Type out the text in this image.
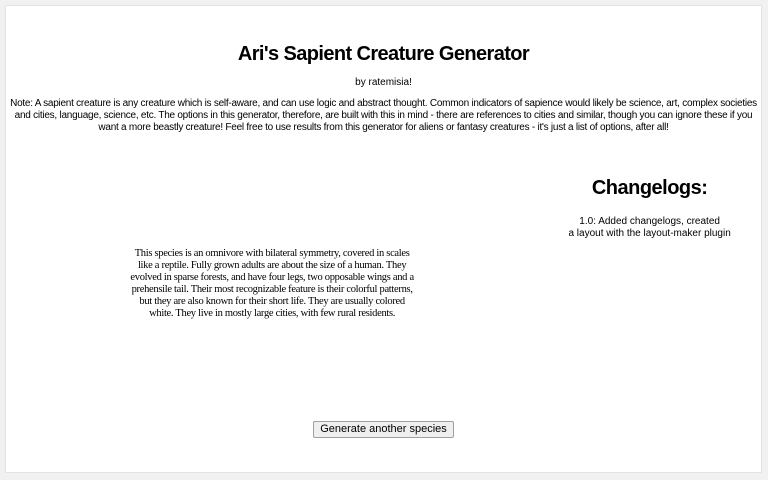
Ari's Sapient Creature Generator
by ratemisia!

Note: A sapient creature is any creature which is self-aware, and can use logic and abstract thought. Common indicators of sapience would likely be science, art, complex societies and cities, language, science, etc. The options in this generator, therefore, are built with this in mind - there are references to cities and similar, though you can ignore these if you want a more beastly creature! Feel free to use results from this generator for aliens or fantasy creatures - it's just a list of options, after all!

This species is an omnivore with bilateral symmetry, covered in scales like a reptile. Fully grown adults are about the size of a human. They evolved in sparse forests, and have four legs, two opposable wings and a prehensile tail. Their most recognizable feature is their colorful patterns, but they are also known for their short life. They are usually colored white. They live in mostly large cities, with few rural residents.

Changelogs:
1.0: Added changelogs, created
a layout with the layout-maker plugin
Generate another species
